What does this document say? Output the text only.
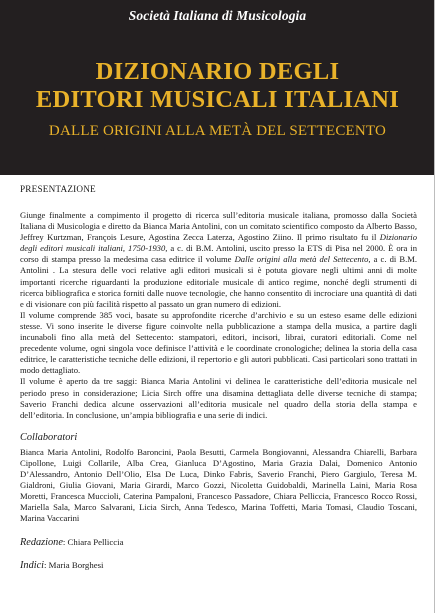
Società Italiana di Musicologia
DIZIONARIO DEGLI
EDITORI MUSICALI ITALIANI
DALLE ORIGINI ALLA METÀ DEL SETTECENTO
PRESENTAZIONE

Giunge finalmente a compimento il progetto di ricerca sull’editoria musicale italiana, promosso dalla Società Italiana di Musicologia e diretto da Bianca Maria Antolini, con un comitato scientifico composto da Alberto Basso, Jeffrey Kurtzman, François Lesure, Agostina Zecca Laterza, Agostino Ziino. Il primo risultato fu il Dizionario degli editori musicali italiani, 1750-1930, a c. di B.M. Antolini, uscito presso la ETS di Pisa nel 2000. È ora in corso di stampa presso la medesima casa editrice il volume Dalle origini alla metà del Settecento, a c. di B.M. Antolini . La stesura delle voci relative agli editori musicali si è potuta giovare negli ultimi anni di molte importanti ricerche riguardanti la produzione editoriale musicale di antico regime, nonché degli strumenti di ricerca bibliografica e storica forniti dalle nuove tecnologie, che hanno consentito di incrociare una quantità di dati e di visionare con più facilità rispetto al passato un gran numero di edizioni.

Il volume comprende 385 voci, basate su approfondite ricerche d’archivio e su un esteso esame delle edizioni stesse. Vi sono inserite le diverse figure coinvolte nella pubblicazione a stampa della musica, a partire dagli incunaboli fino alla metà del Settecento: stampatori, editori, incisori, librai, curatori editoriali. Come nel precedente volume, ogni singola voce definisce l’attività e le coordinate cronologiche; delinea la storia della casa editrice, le caratteristiche tecniche delle edizioni, il repertorio e gli autori pubblicati. Casi particolari sono trattati in modo dettagliato.

Il volume è aperto da tre saggi: Bianca Maria Antolini vi delinea le caratteristiche dell’editoria musicale nel periodo preso in considerazione; Licia Sirch offre una disamina dettagliata delle diverse tecniche di stampa; Saverio Franchi dedica alcune osservazioni all’editoria musicale nel quadro della storia della stampa e dell’editoria. In conclusione, un’ampia bibliografia e una serie di indici.

Collaboratori

Bianca Maria Antolini, Rodolfo Baroncini, Paola Besutti, Carmela Bongiovanni, Alessandra Chiarelli, Barbara Cipollone, Luigi Collarile, Alba Crea, Gianluca D’Agostino, Maria Grazia Dalai, Domenico Antonio D’Alessandro, Antonio Dell’Olio, Elsa De Luca, Dinko Fabris, Saverio Franchi, Piero Gargiulo, Teresa M. Gialdroni, Giulia Giovani, Maria Girardi, Marco Gozzi, Nicoletta Guidobaldi, Marinella Laini, Maria Rosa Moretti, Francesca Muccioli, Caterina Pampaloni, Francesco Passadore, Chiara Pelliccia, Francesco Rocco Rossi, Mariella Sala, Marco Salvarani, Licia Sirch, Anna Tedesco, Marina Toffetti, Maria Tomasi, Claudio Toscani, Marina Vaccarini

Redazione: Chiara Pelliccia
Indici: Maria Borghesi
